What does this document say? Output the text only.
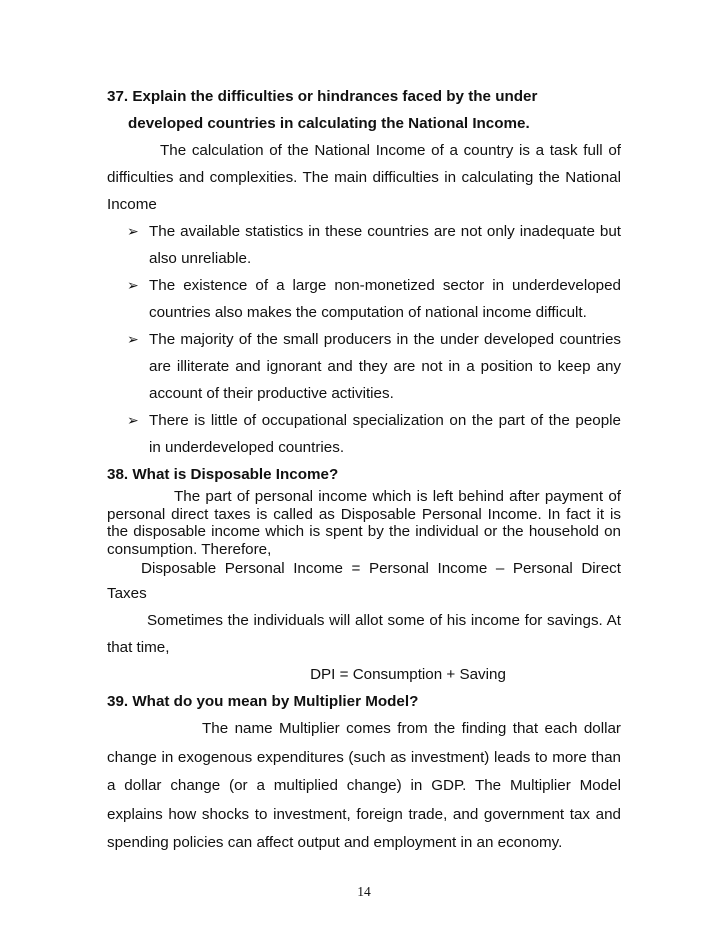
37. Explain the difficulties or hindrances faced by the under
developed countries in calculating the National Income.

The calculation of the National Income of a country is a task full of difficulties and complexities. The main difficulties in calculating the National Income

➢ The available statistics in these countries are not only inadequate but also unreliable.
➢ The existence of a large non-monetized sector in underdeveloped countries also makes the computation of national income difficult.
➢ The majority of the small producers in the under developed countries are illiterate and ignorant and they are not in a position to keep any account of their productive activities.
➢ There is little of occupational specialization on the part of the people in underdeveloped countries.
38. What is Disposable Income?

The part of personal income which is left behind after payment of personal direct taxes is called as Disposable Personal Income. In fact it is the disposable income which is spent by the individual or the household on consumption. Therefore,

Disposable Personal Income = Personal Income – Personal Direct

Taxes

Sometimes the individuals will allot some of his income for savings. At that time,

DPI = Consumption + Saving

39. What do you mean by Multiplier Model?

The name Multiplier comes from the finding that each dollar change in exogenous expenditures (such as investment) leads to more than a dollar change (or a multiplied change) in GDP. The Multiplier Model explains how shocks to investment, foreign trade, and government tax and spending policies can affect output and employment in an economy.

14
